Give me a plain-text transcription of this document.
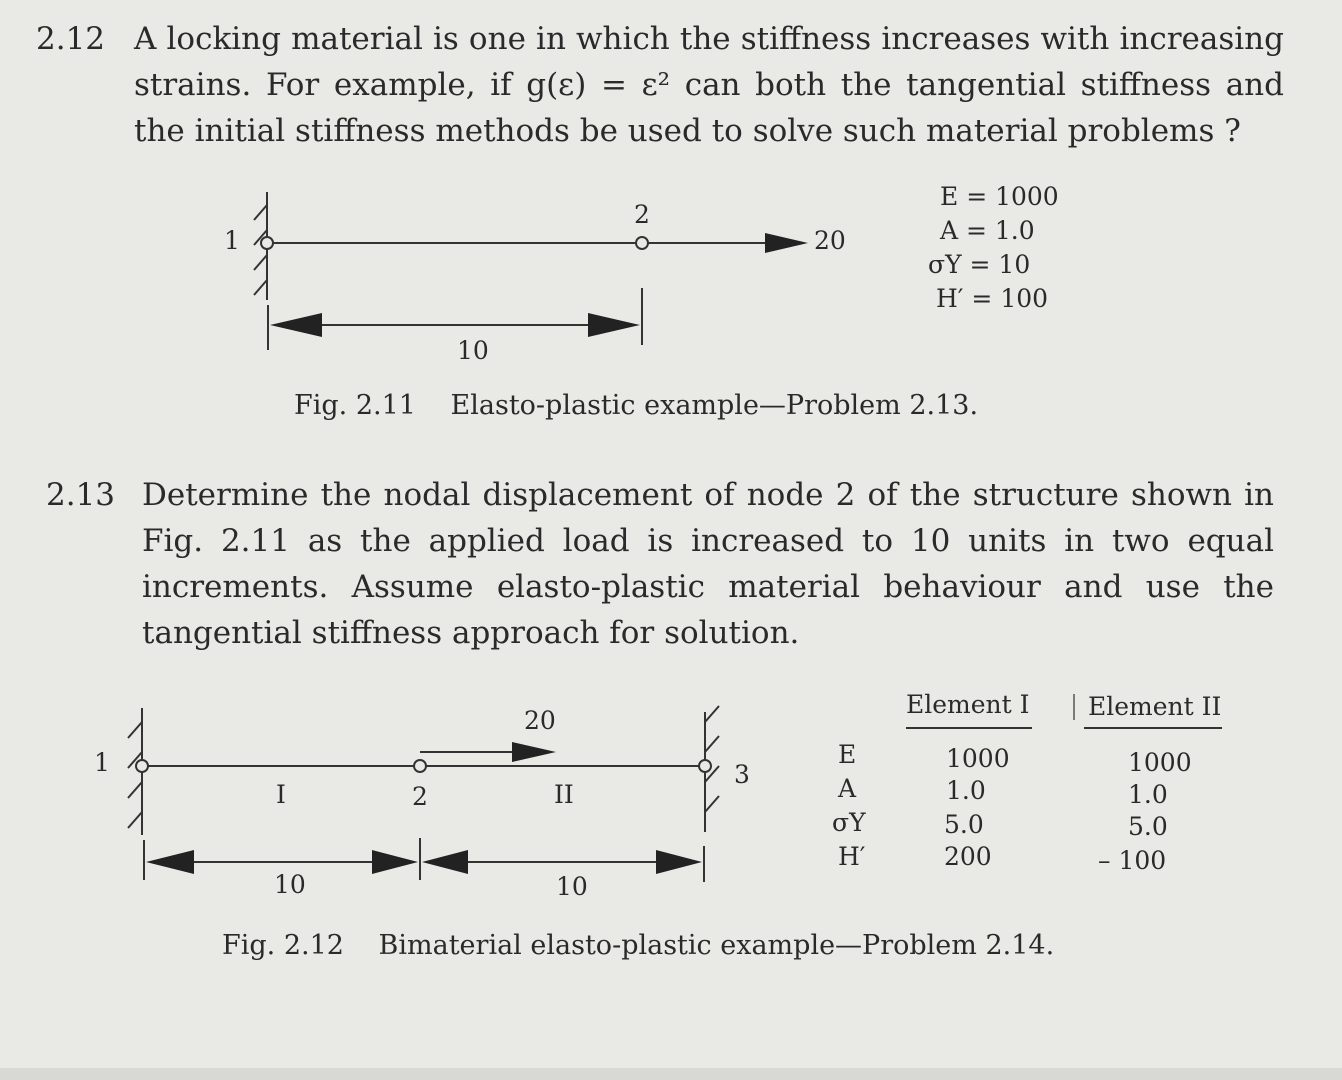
2.12 A locking material is one in which the stiffness increases with increasing
strains. For example, if g(ε) = ε² can both the tangential stiffness and
the initial stiffness methods be used to solve such material problems ?
1
2
20
10
E = 1000
A = 1.0
σY = 10
H′ = 100
Fig. 2.11 Elasto-plastic example—Problem 2.13.
2.13 Determine the nodal displacement of node 2 of the structure shown in
Fig. 2.11 as the applied load is increased to 10 units in two equal
increments. Assume elasto-plastic material behaviour and use the
tangential stiffness approach for solution.
1
2
3
I	II
20
10	10
Element I Element II
E	1000	1000
A	1.0	1.0
σY	5.0	5.0
H′	200	– 100
Fig. 2.12 Bimaterial elasto-plastic example—Problem 2.14.
